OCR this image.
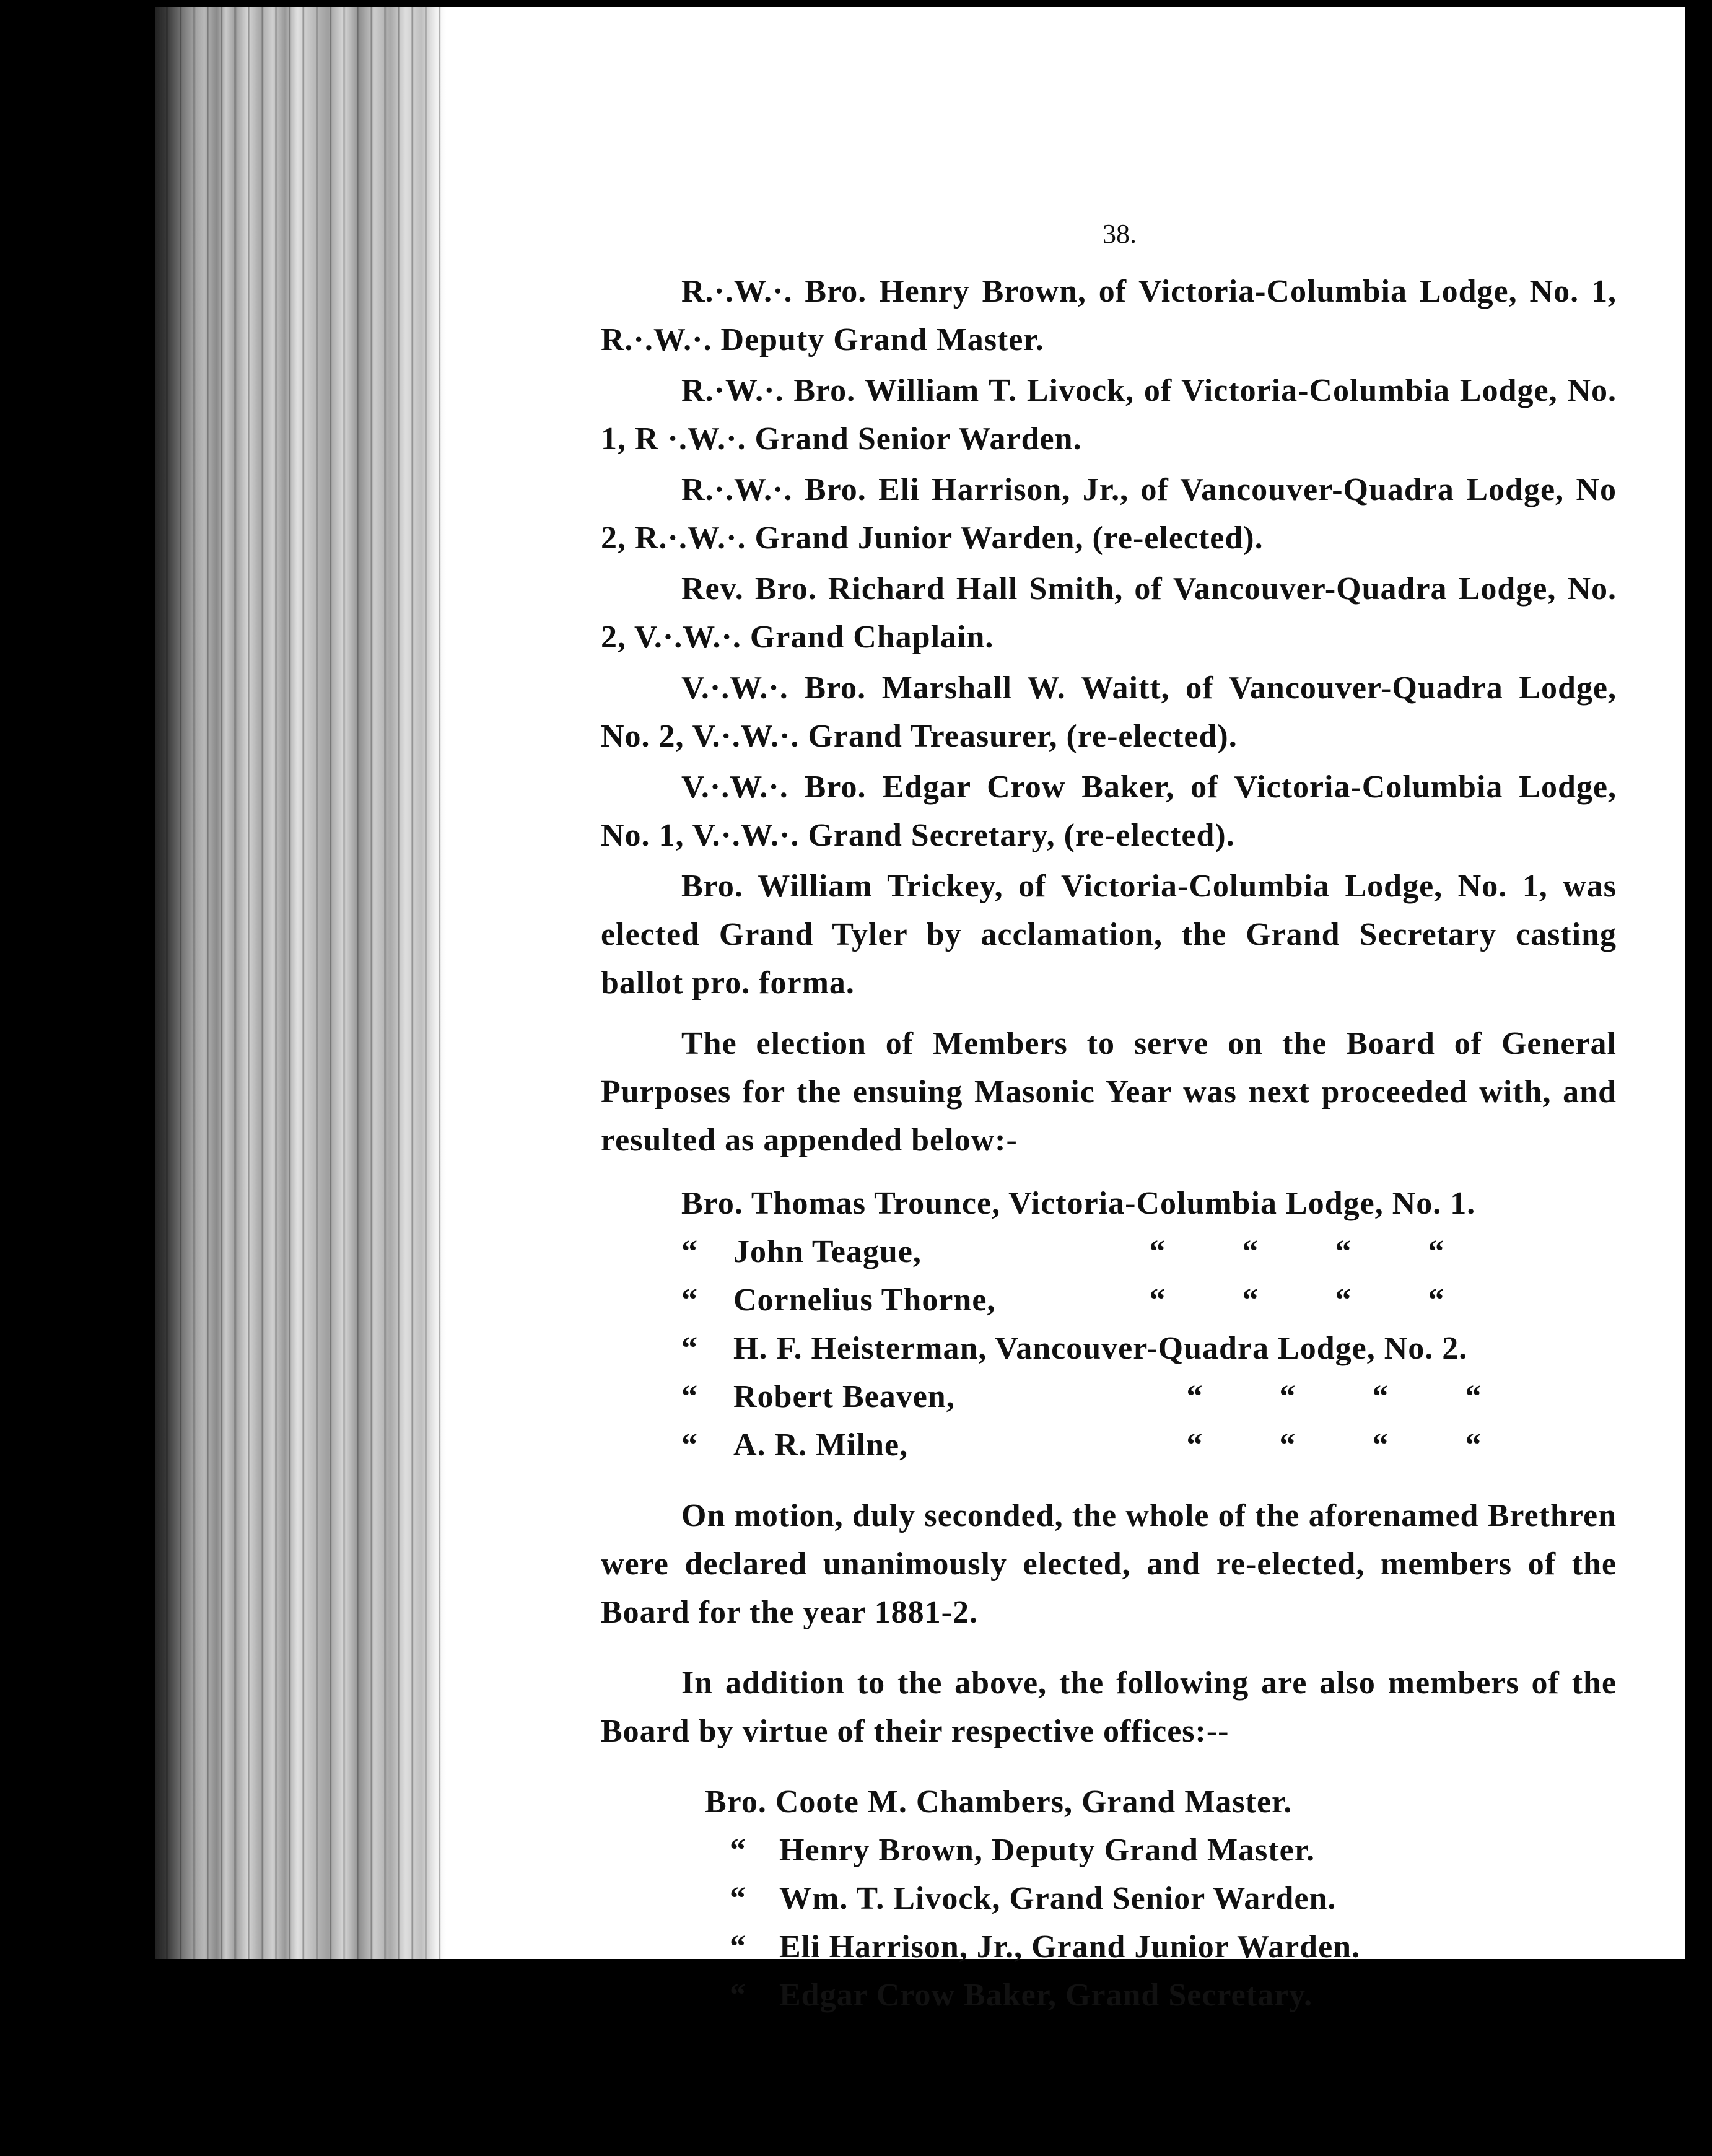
38.

R.·.W.·. Bro. Henry Brown, of Victoria-Columbia Lodge, No. 1, R.·.W.·. Deputy Grand Master.

R.·W.·. Bro. William T. Livock, of Victoria-Columbia Lodge, No. 1, R ·.W.·. Grand Senior Warden.

R.·.W.·. Bro. Eli Harrison, Jr., of Vancouver-Quadra Lodge, No 2, R.·.W.·. Grand Junior Warden, (re-elected).

Rev. Bro. Richard Hall Smith, of Vancouver-Quadra Lodge, No. 2, V.·.W.·. Grand Chaplain.

V.·.W.·. Bro. Marshall W. Waitt, of Vancouver-Quadra Lodge, No. 2, V.·.W.·. Grand Treasurer, (re-elected).

V.·.W.·. Bro. Edgar Crow Baker, of Victoria-Columbia Lodge, No. 1, V.·.W.·. Grand Secretary, (re-elected).

Bro. William Trickey, of Victoria-Columbia Lodge, No. 1, was elected Grand Tyler by acclamation, the Grand Secretary casting ballot pro. forma.

The election of Members to serve on the Board of General Purposes for the ensuing Masonic Year was next proceeded with, and resulted as appended below:-

Bro. Thomas Trounce, Victoria-Columbia Lodge, No. 1.
“	John Teague,	“	“	“	“
“	Cornelius Thorne,	“	“	“	“
“	H. F. Heisterman, Vancouver-Quadra Lodge, No. 2.
“	Robert Beaven,	“	“	“	“
“	A. R. Milne,	“	“	“	“

On motion, duly seconded, the whole of the aforenamed Brethren were declared unanimously elected, and re-elected, members of the Board for the year 1881-2.

In addition to the above, the following are also members of the Board by virtue of their respective offices:--

Bro. Coote M. Chambers, Grand Master.
“	Henry Brown, Deputy Grand Master.
“	Wm. T. Livock, Grand Senior Warden.
“	Eli Harrison, Jr., Grand Junior Warden.
“	Edgar Crow Baker, Grand Secretary.
